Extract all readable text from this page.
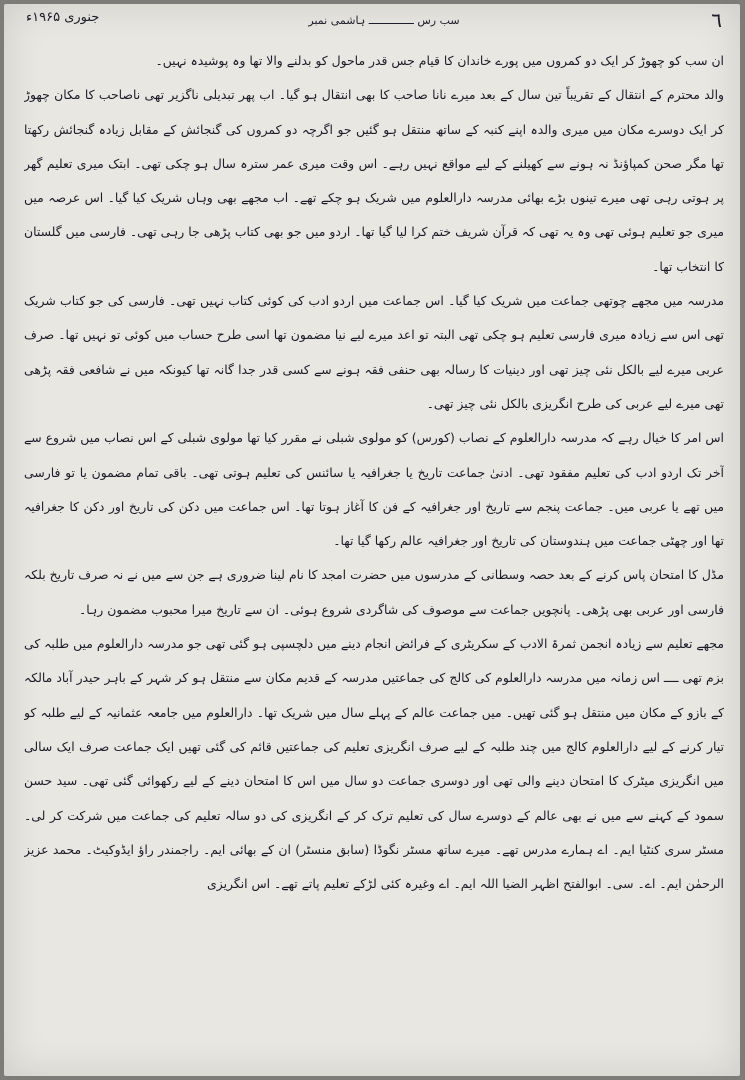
جنوری ۱۹۶۵ء	سب رس ــــــــــــــ ہاشمی نمبر	٦

ان سب کو چھوڑ کر ایک دو کمروں میں پورے خاندان کا قیام جس قدر ماحول کو بدلنے والا تھا وہ پوشیدہ نہیں۔

والد محترم کے انتقال کے تقریباً تین سال کے بعد میرے نانا صاحب کا بھی انتقال ہو گیا۔ اب پھر تبدیلی ناگزیر تھی ناصاحب کا مکان چھوڑ کر ایک دوسرے مکان میں میری والدہ اپنے کنبہ کے ساتھ منتقل ہو گئیں جو اگرچہ دو کمروں کی گنجائش کے مقابل زیادہ گنجائش رکھتا تھا مگر صحن کمپاؤنڈ نہ ہونے سے کھیلنے کے لیے مواقع نہیں رہے۔ اس وقت میری عمر سترہ سال ہو چکی تھی۔ ابتک میری تعلیم گھر پر ہوتی رہی تھی میرے تینوں بڑے بھائی مدرسہ دارالعلوم میں شریک ہو چکے تھے۔ اب مجھے بھی وہاں شریک کیا گیا۔ اس عرصہ میں میری جو تعلیم ہوئی تھی وہ یہ تھی کہ قرآن شریف ختم کرا لیا گیا تھا۔ اردو میں جو بھی کتاب پڑھی جا رہی تھی۔ فارسی میں گلستان کا انتخاب تھا۔

مدرسہ میں مجھے چوتھی جماعت میں شریک کیا گیا۔ اس جماعت میں اردو ادب کی کوئی کتاب نہیں تھی۔ فارسی کی جو کتاب شریک تھی اس سے زیادہ میری فارسی تعلیم ہو چکی تھی البتہ تو اعد میرے لیے نیا مضمون تھا اسی طرح حساب میں کوئی تو نہیں تھا۔ صرف عربی میرے لیے بالکل نئی چیز تھی اور دینیات کا رسالہ بھی حنفی فقہ ہونے سے کسی قدر جدا گانہ تھا کیونکہ میں نے شافعی فقہ پڑھی تھی میرے لیے عربی کی طرح انگریزی بالکل نئی چیز تھی۔

اس امر کا خیال رہے کہ مدرسہ دارالعلوم کے نصاب (کورس) کو مولوی شبلی نے مقرر کیا تھا مولوی شبلی کے اس نصاب میں شروع سے آخر تک اردو ادب کی تعلیم مفقود تھی۔ ادنیٰ جماعت تاریخ یا جغرافیہ یا سائنس کی تعلیم ہوتی تھی۔ باقی تمام مضمون یا تو فارسی میں تھے یا عربی میں۔ جماعت پنجم سے تاریخ اور جغرافیہ کے فن کا آغاز ہوتا تھا۔ اس جماعت میں دکن کی تاریخ اور دکن کا جغرافیہ تھا اور چھٹی جماعت میں ہندوستان کی تاریخ اور جغرافیہ عالم رکھا گیا تھا۔

مڈل کا امتحان پاس کرنے کے بعد حصہ وسطانی کے مدرسوں میں حضرت امجد کا نام لینا ضروری ہے جن سے میں نے نہ صرف تاریخ بلکہ فارسی اور عربی بھی پڑھی۔ پانچویں جماعت سے موصوف کی شاگردی شروع ہوئی۔ ان سے تاریخ میرا محبوب مضمون رہا۔

مجھے تعلیم سے زیادہ انجمن ثمرۃ الادب کے سکریٹری کے فرائض انجام دینے میں دلچسپی ہو گئی تھی جو مدرسہ دارالعلوم میں طلبہ کی بزم تھی ــــ اس زمانہ میں مدرسہ دارالعلوم کی کالج کی جماعتیں مدرسہ کے قدیم مکان سے منتقل ہو کر شہر کے باہر حیدر آباد مالکہ کے بازو کے مکان میں منتقل ہو گئی تھیں۔ میں جماعت عالم کے پہلے سال میں شریک تھا۔ دارالعلوم میں جامعہ عثمانیہ کے لیے طلبہ کو تیار کرنے کے لیے دارالعلوم کالج میں چند طلبہ کے لیے صرف انگریزی تعلیم کی جماعتیں قائم کی گئی تھیں ایک جماعت صرف ایک سالی میں انگریزی میٹرک کا امتحان دینے والی تھی اور دوسری جماعت دو سال میں اس کا امتحان دینے کے لیے رکھوائی گئی تھی۔ سید حسن سمود کے کہنے سے میں نے بھی عالم کے دوسرے سال کی تعلیم ترک کر کے انگریزی کی دو سالہ تعلیم کی جماعت میں شرکت کر لی۔ مسٹر سری کنٹیا ایم۔ اے ہمارے مدرس تھے۔ میرے ساتھ مسٹر نگوڈا (سابق منسٹر) ان کے بھائی ایم۔ راجمندر راؤ ایڈوکیٹ۔ محمد عزیز الرحمٰن ایم۔ اے۔ سی۔ ابوالفتح اظہر الضیا اللہ ایم۔ اے وغیرہ کئی لڑکے تعلیم پاتے تھے۔ اس انگریزی
